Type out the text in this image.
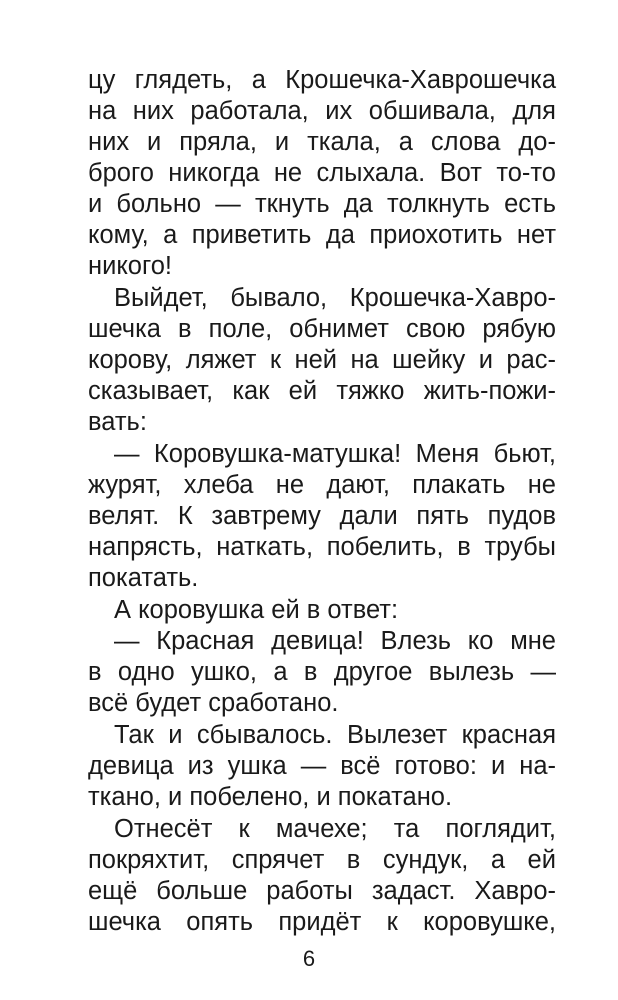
цу глядеть, а Крошечка-Хаврошечка
на них работала, их обшивала, для
них и пряла, и ткала, а слова до-
брого никогда не слыхала. Вот то-то
и больно — ткнуть да толкнуть есть
кому, а приветить да приохотить нет
никого!
Выйдет, бывало, Крошечка-Хавро-
шечка в поле, обнимет свою рябую
корову, ляжет к ней на шейку и рас-
сказывает, как ей тяжко жить-пожи-
вать:
— Коровушка-матушка! Меня бьют,
журят, хлеба не дают, плакать не
велят. К завтрему дали пять пудов
напрясть, наткать, побелить, в трубы
покатать.
А коровушка ей в ответ:
— Красная девица! Влезь ко мне
в одно ушко, а в другое вылезь —
всё будет сработано.
Так и сбывалось. Вылезет красная
девица из ушка — всё готово: и на-
ткано, и побелено, и покатано.
Отнесёт к мачехе; та поглядит,
покряхтит, спрячет в сундук, а ей
ещё больше работы задаст. Хавро-
шечка опять придёт к коровушке,
6
